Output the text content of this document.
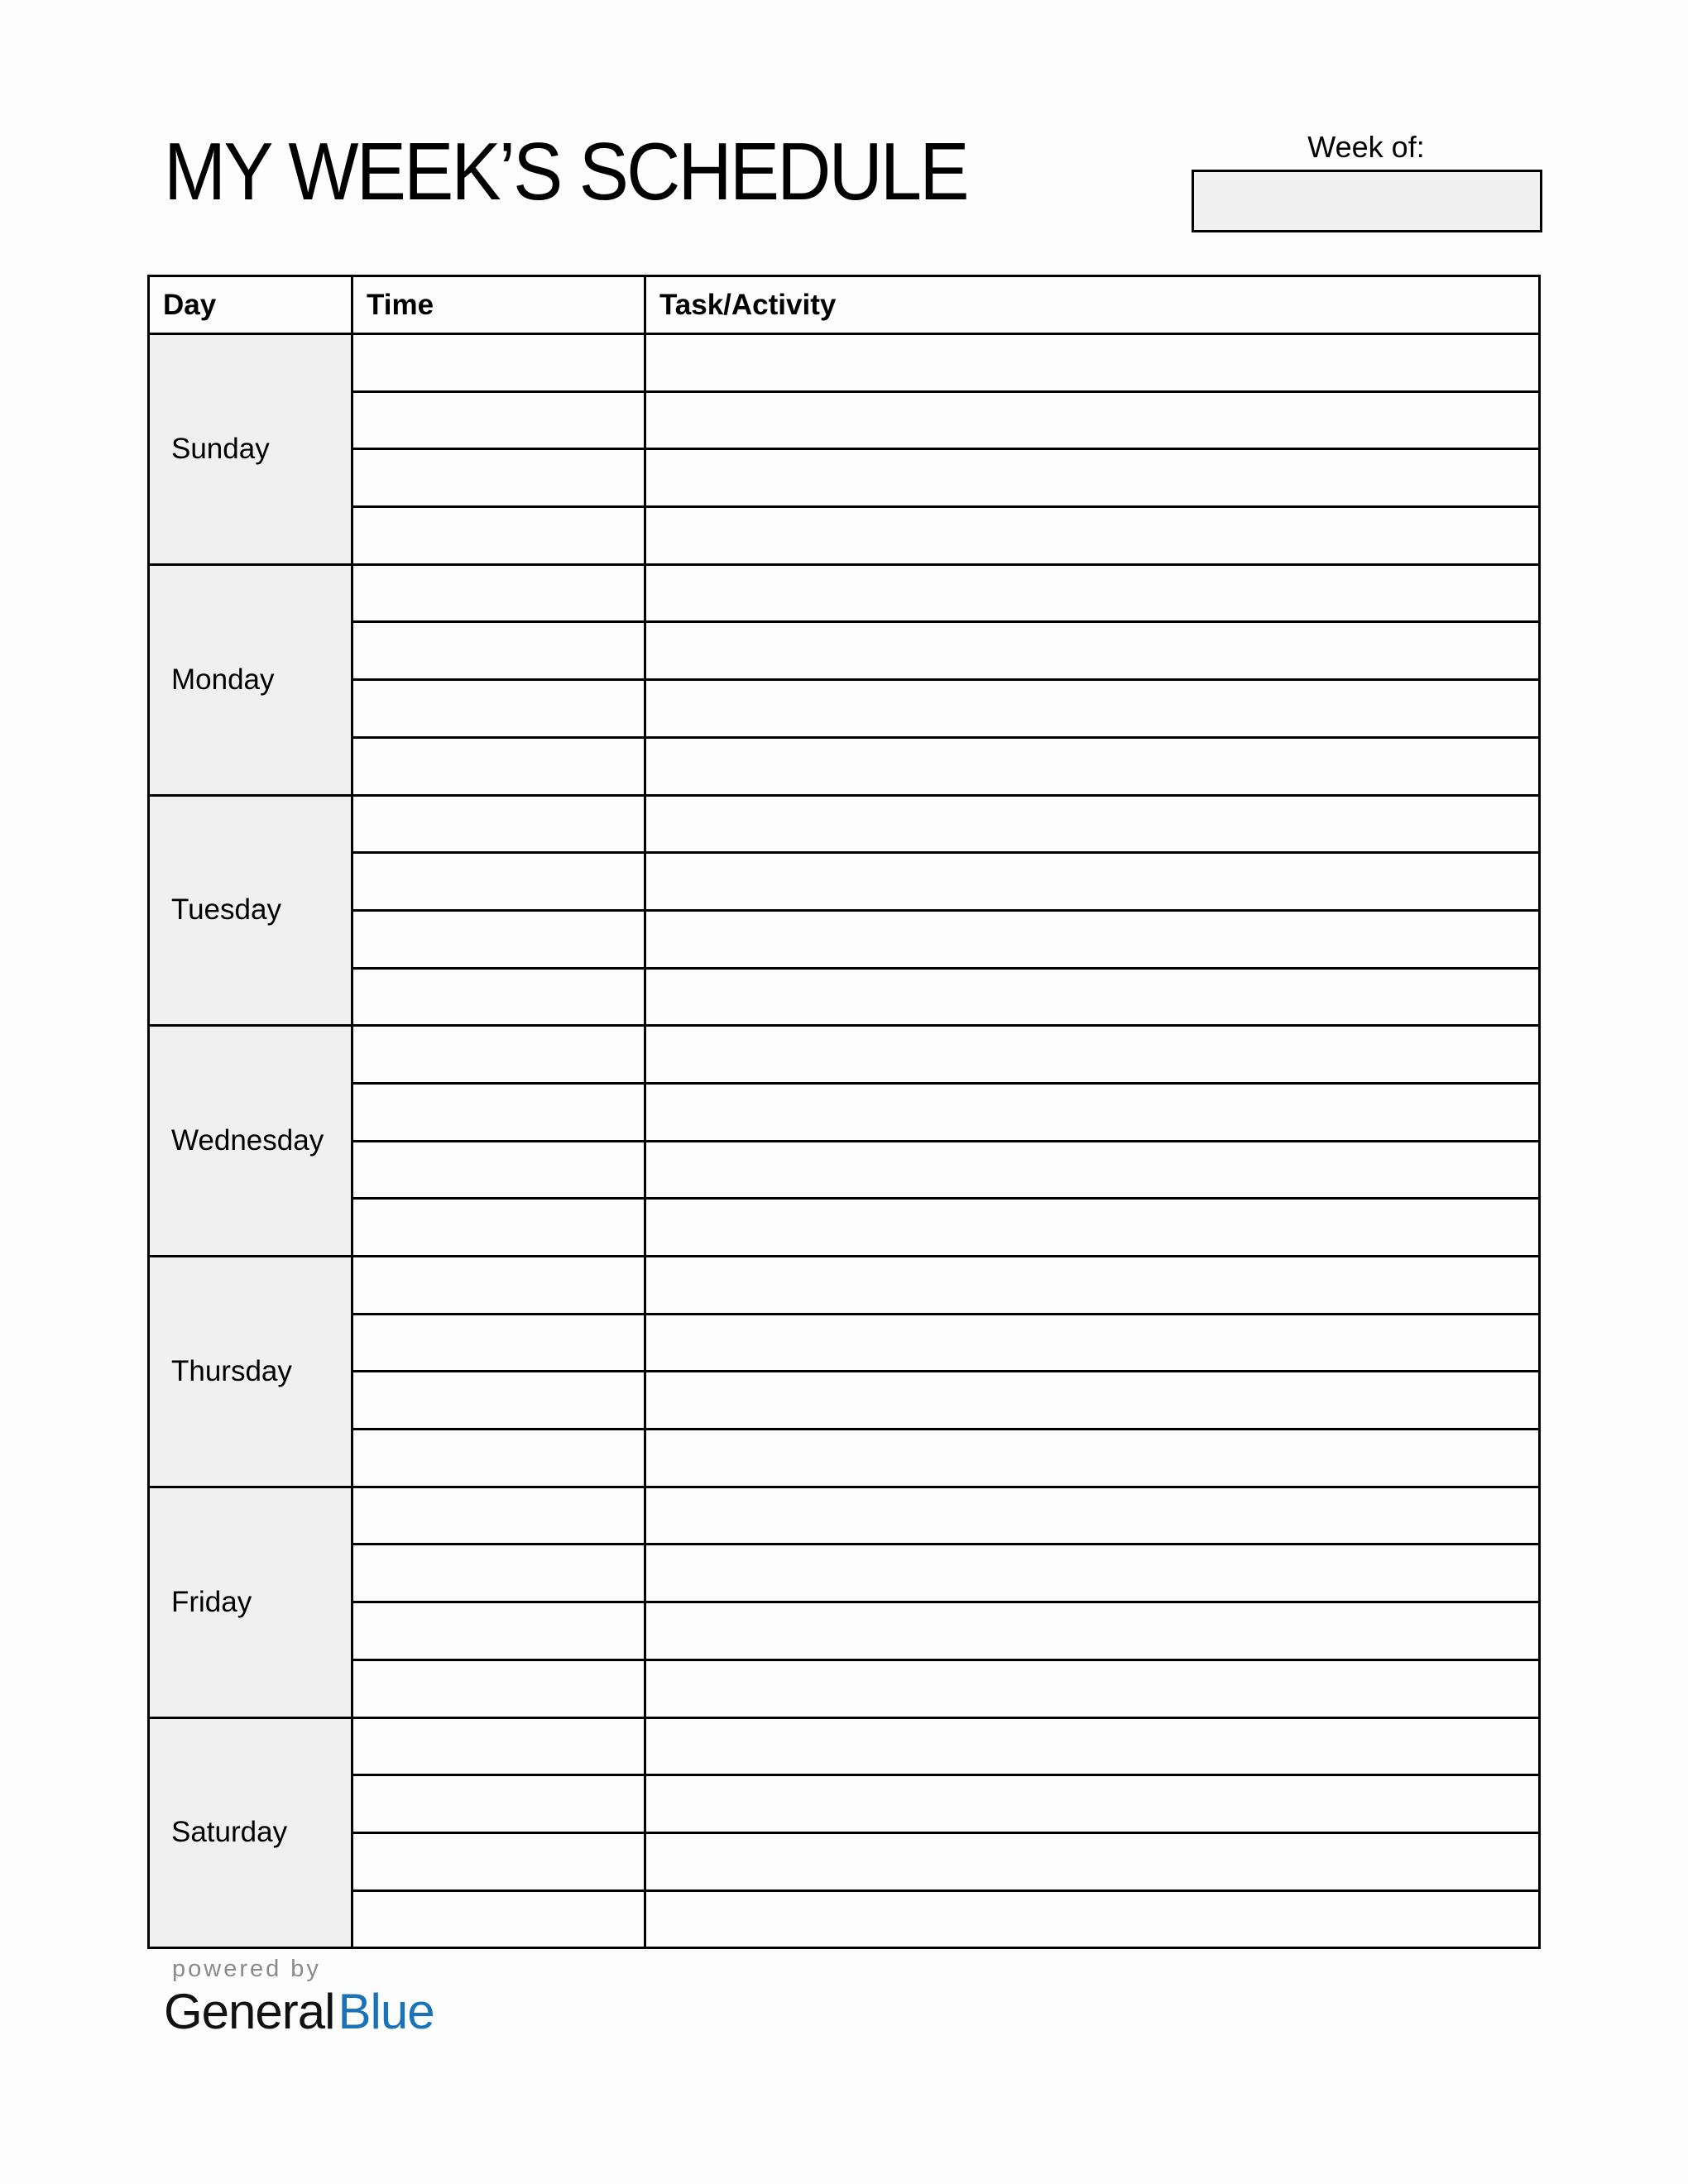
MY WEEK’S SCHEDULE	Week of:
Day	Time	Task/Activity
Sunday		

Monday		

Tuesday		

Wednesday		

Thursday		

Friday		

Saturday		

powered by
GeneralBlue
